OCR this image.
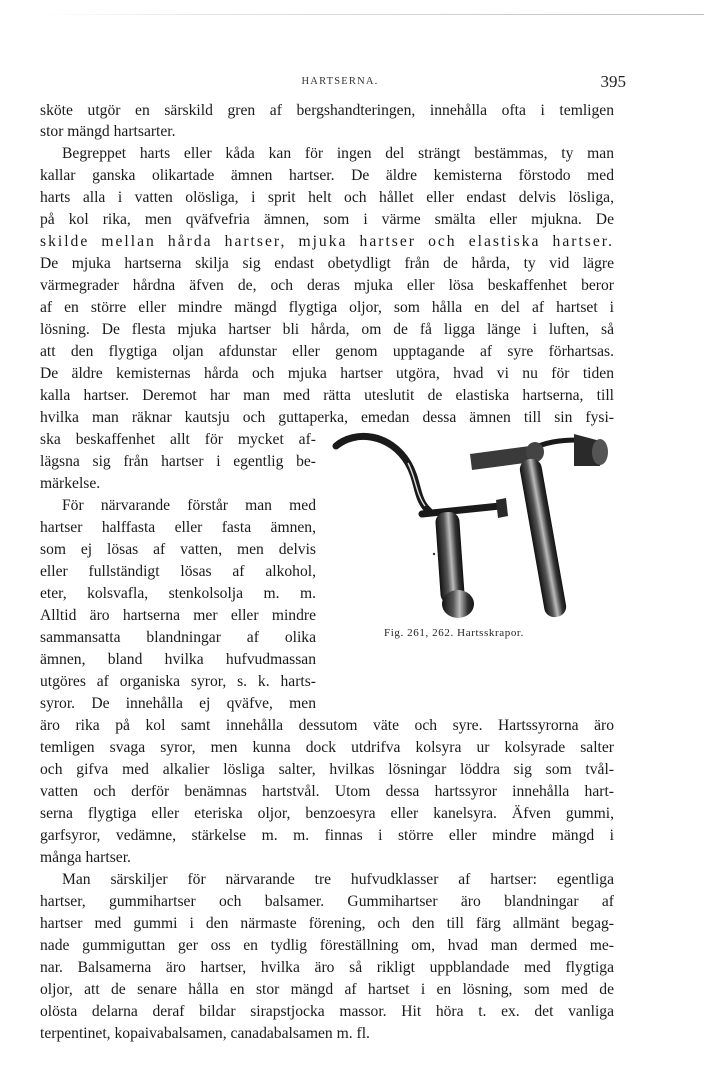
HARTSERNA.	395
sköte utgör en särskild gren af bergshandteringen, innehålla ofta i temligen
stor mängd hartsarter.
Begreppet harts eller kåda kan för ingen del strängt bestämmas, ty man
kallar ganska olikartade ämnen hartser. De äldre kemisterna förstodo med
harts alla i vatten olösliga, i sprit helt och hållet eller endast delvis lösliga,
på kol rika, men qväfvefria ämnen, som i värme smälta eller mjukna. De
skilde mellan hårda hartser, mjuka hartser och elastiska hartser.
De mjuka hartserna skilja sig endast obetydligt från de hårda, ty vid lägre
värmegrader hårdna äfven de, och deras mjuka eller lösa beskaffenhet beror
af en större eller mindre mängd flygtiga oljor, som hålla en del af hartset i
lösning. De flesta mjuka hartser bli hårda, om de få ligga länge i luften, så
att den flygtiga oljan afdunstar eller genom upptagande af syre förhartsas.
De äldre kemisternas hårda och mjuka hartser utgöra, hvad vi nu för tiden
kalla hartser. Deremot har man med rätta uteslutit de elastiska hartserna, till
hvilka man räknar kautsju och guttaperka, emedan dessa ämnen till sin fysi-
ska beskaffenhet allt för mycket af-
lägsna sig från hartser i egentlig be-
märkelse.
För närvarande förstår man med
hartser halffasta eller fasta ämnen,
som ej lösas af vatten, men delvis
eller fullständigt lösas af alkohol,
eter, kolsvafla, stenkolsolja m. m.
Alltid äro hartserna mer eller mindre
sammansatta blandningar af olika
ämnen, bland hvilka hufvudmassan
utgöres af organiska syror, s. k. harts-
syror. De innehålla ej qväfve, men
äro rika på kol samt innehålla dessutom väte och syre. Hartssyrorna äro
temligen svaga syror, men kunna dock utdrifva kolsyra ur kolsyrade salter
och gifva med alkalier lösliga salter, hvilkas lösningar löddra sig som tvål-
vatten och derför benämnas hartstvål. Utom dessa hartssyror innehålla hart-
serna flygtiga eller eteriska oljor, benzoesyra eller kanelsyra. Äfven gummi,
garfsyror, vedämne, stärkelse m. m. finnas i större eller mindre mängd i
många hartser.
Man särskiljer för närvarande tre hufvudklasser af hartser: egentliga
hartser, gummihartser och balsamer. Gummihartser äro blandningar af
hartser med gummi i den närmaste förening, och den till färg allmänt begag-
nade gummiguttan ger oss en tydlig föreställning om, hvad man dermed me-
nar. Balsamerna äro hartser, hvilka äro så rikligt uppblandade med flygtiga
oljor, att de senare hålla en stor mängd af hartset i en lösning, som med de
olösta delarna deraf bildar sirapstjocka massor. Hit höra t. ex. det vanliga
terpentinet, kopaivabalsamen, canadabalsamen m. fl.
Fig. 261, 262. Hartsskrapor.
